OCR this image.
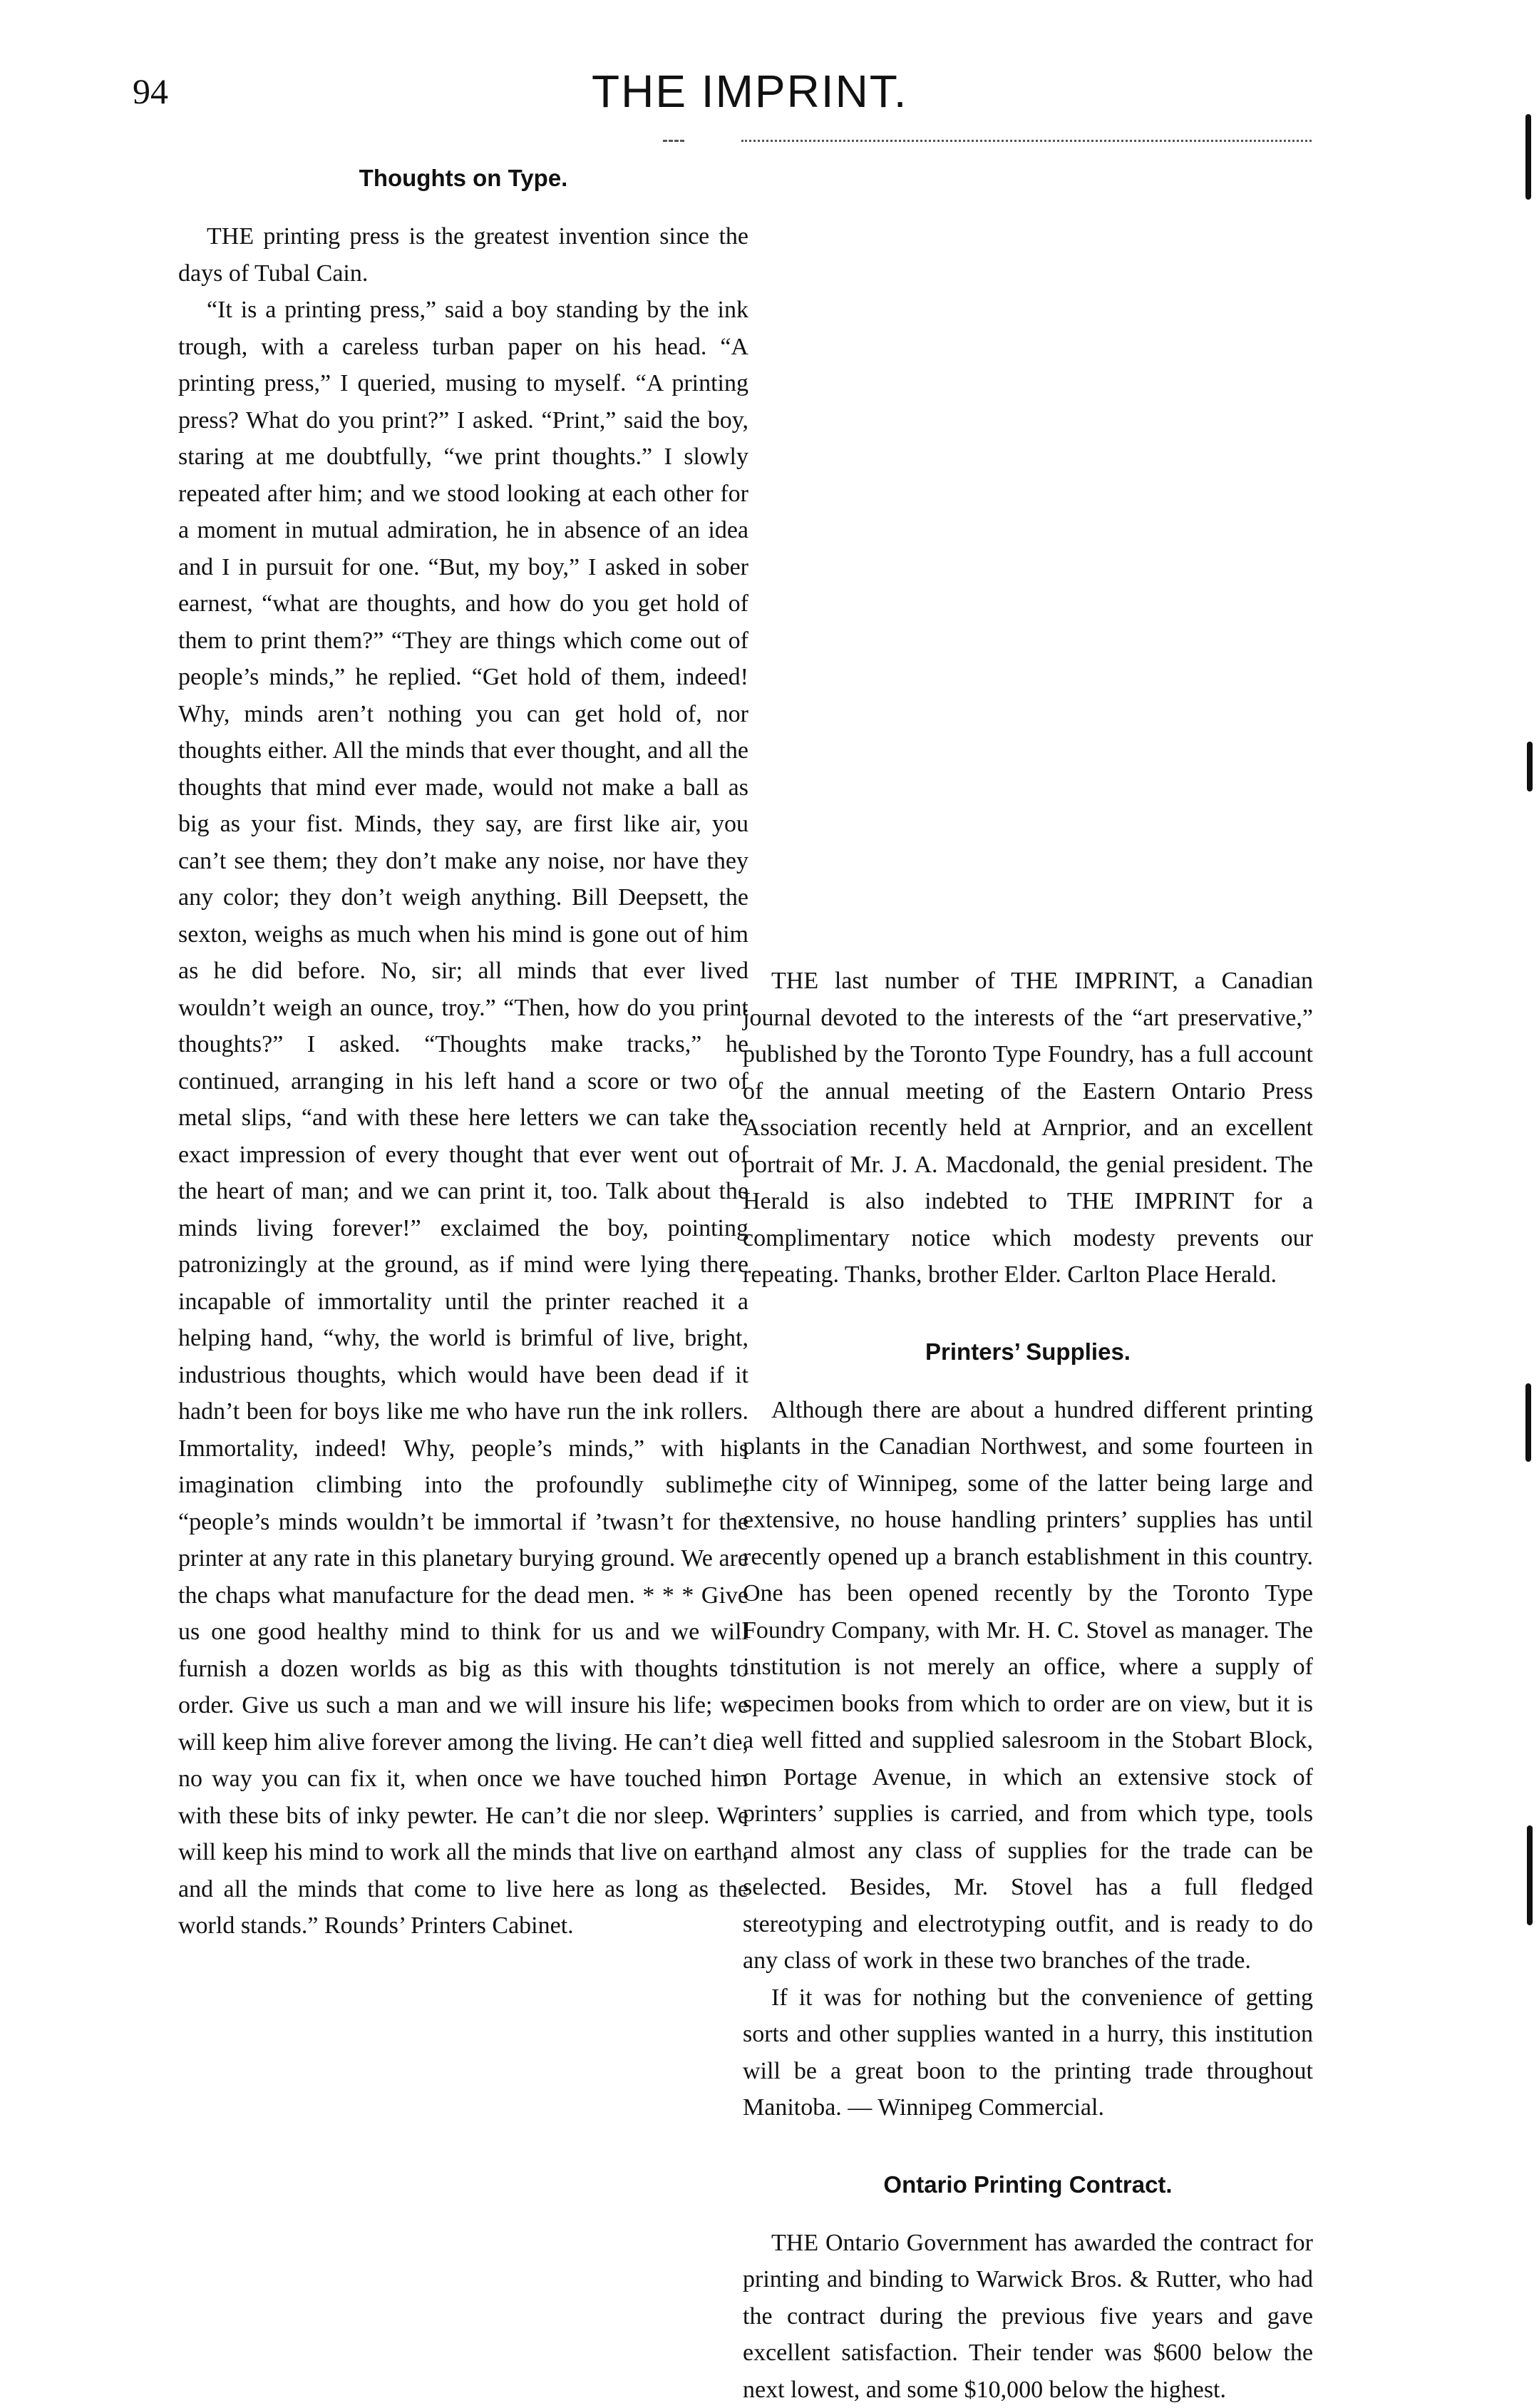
94	THE IMPRINT.
Thoughts on Type.

THE printing press is the greatest invention since the days of Tubal Cain.

“It is a printing press,” said a boy standing by the ink trough, with a careless turban paper on his head. “A printing press,” I queried, musing to myself. “A printing press? What do you print?” I asked. “Print,” said the boy, staring at me doubtfully, “we print thoughts.” I slowly repeated after him; and we stood looking at each other for a moment in mutual admiration, he in absence of an idea and I in pursuit for one. “But, my boy,” I asked in sober earnest, “what are thoughts, and how do you get hold of them to print them?” “They are things which come out of people’s minds,” he replied. “Get hold of them, indeed! Why, minds aren’t nothing you can get hold of, nor thoughts either. All the minds that ever thought, and all the thoughts that mind ever made, would not make a ball as big as your fist. Minds, they say, are first like air, you can’t see them; they don’t make any noise, nor have they any color; they don’t weigh anything. Bill Deepsett, the sexton, weighs as much when his mind is gone out of him as he did before. No, sir; all minds that ever lived wouldn’t weigh an ounce, troy.” “Then, how do you print thoughts?” I asked. “Thoughts make tracks,” he continued, arranging in his left hand a score or two of metal slips, “and with these here letters we can take the exact impression of every thought that ever went out of the heart of man; and we can print it, too. Talk about the minds living forever!” exclaimed the boy, pointing patronizingly at the ground, as if mind were lying there incapable of immortality until the printer reached it a helping hand, “why, the world is brimful of live, bright, industrious thoughts, which would have been dead if it hadn’t been for boys like me who have run the ink rollers. Immortality, indeed! Why, people’s minds,” with his imagination climbing into the profoundly sublime, “people’s minds wouldn’t be immortal if ’twasn’t for the printer at any rate in this planetary burying ground. We are the chaps what manufacture for the dead men. * * * Give us one good healthy mind to think for us and we will furnish a dozen worlds as big as this with thoughts to order. Give us such a man and we will insure his life; we will keep him alive forever among the living. He can’t die, no way you can fix it, when once we have touched him with these bits of inky pewter. He can’t die nor sleep. We will keep his mind to work all the minds that live on earth, and all the minds that come to live here as long as the world stands.” Rounds’ Printers Cabinet.

THE last number of THE IMPRINT, a Canadian journal devoted to the interests of the “art preservative,” published by the Toronto Type Foundry, has a full account of the annual meeting of the Eastern Ontario Press Association recently held at Arnprior, and an excellent portrait of Mr. J. A. Macdonald, the genial president. The Herald is also indebted to THE IMPRINT for a complimentary notice which modesty prevents our repeating. Thanks, brother Elder. Carlton Place Herald.

Printers’ Supplies.

Although there are about a hundred different printing plants in the Canadian Northwest, and some fourteen in the city of Winnipeg, some of the latter being large and extensive, no house handling printers’ supplies has until recently opened up a branch establishment in this country. One has been opened recently by the Toronto Type Foundry Company, with Mr. H. C. Stovel as manager. The institution is not merely an office, where a supply of specimen books from which to order are on view, but it is a well fitted and supplied salesroom in the Stobart Block, on Portage Avenue, in which an extensive stock of printers’ supplies is carried, and from which type, tools and almost any class of supplies for the trade can be selected. Besides, Mr. Stovel has a full fledged stereotyping and electrotyping outfit, and is ready to do any class of work in these two branches of the trade.

If it was for nothing but the convenience of getting sorts and other supplies wanted in a hurry, this institution will be a great boon to the printing trade throughout Manitoba. — Winnipeg Commercial.

Ontario Printing Contract.

THE Ontario Government has awarded the contract for printing and binding to Warwick Bros. & Rutter, who had the contract during the previous five years and gave excellent satisfaction. Their tender was $600 below the next lowest, and some $10,000 below the highest.
